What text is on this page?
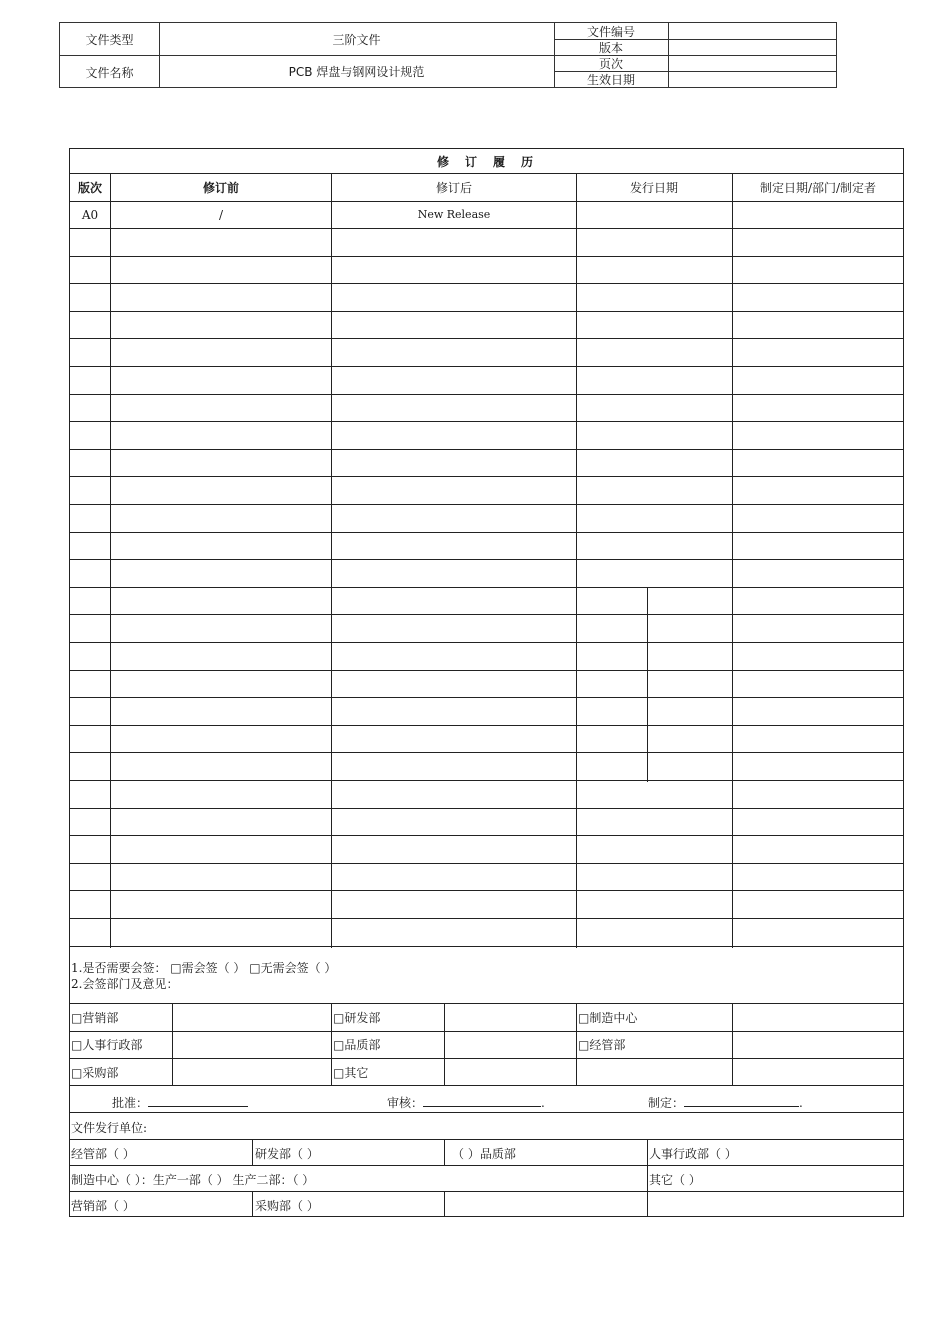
文件类型	三阶文件
文件名称	PCB 焊盘与钢网设计规范
文件编号
版本
页次
生效日期
修　订　履　历
版次	修订前	修订后	发行日期	制定日期/部门/制定者
A0	/	New Release
1.是否需要会签： □需会签（ ） □无需会签（ ）
2.会签部门及意见：
□营销部	□研发部	□制造中心
□人事行政部	□品质部	□经管部
□采购部	□其它
批准：	审核：	.	制定：	.
文件发行单位:
经管部（ ）	研发部（ ）	（ ）品质部	人事行政部（ ）
制造中心（ ）：生产一部（ ） 生产二部：（ ）	其它（ ）
营销部（ ）	采购部（ ）
